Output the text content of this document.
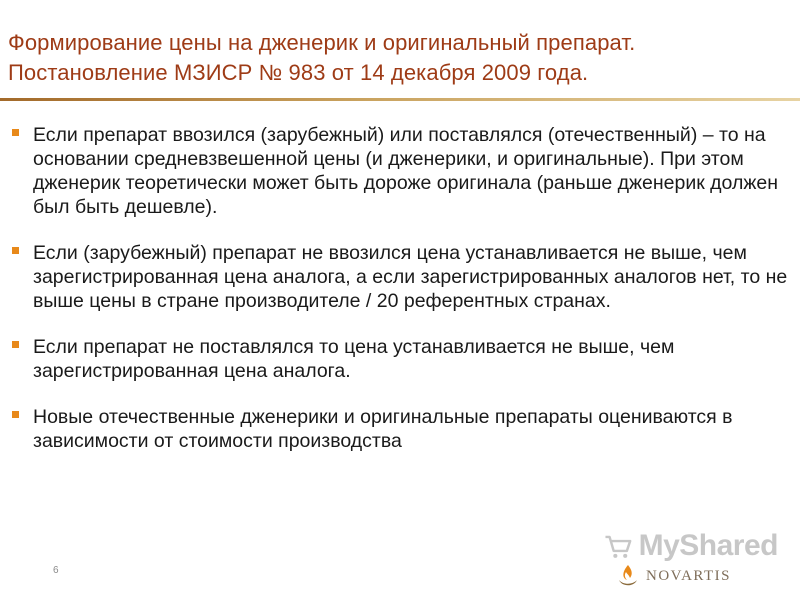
Формирование цены на дженерик и оригинальный препарат.
Постановление МЗИСР № 983 от 14 декабря 2009 года.
Если препарат ввозился (зарубежный) или поставлялся (отечественный) – то на основании средневзвешенной цены (и дженерики, и оригинальные). При этом дженерик теоретически может быть дороже оригинала (раньше дженерик должен был быть дешевле).
Если (зарубежный) препарат не ввозился цена устанавливается не выше, чем зарегистрированная цена аналога, а если зарегистрированных аналогов нет, то не выше цены в стране производителе / 20 референтных странах.
Если препарат не поставлялся то цена устанавливается не выше, чем зарегистрированная цена аналога.
Новые отечественные дженерики и оригинальные препараты оцениваются в зависимости от стоимости производства
6
MyShared
NOVARTIS
